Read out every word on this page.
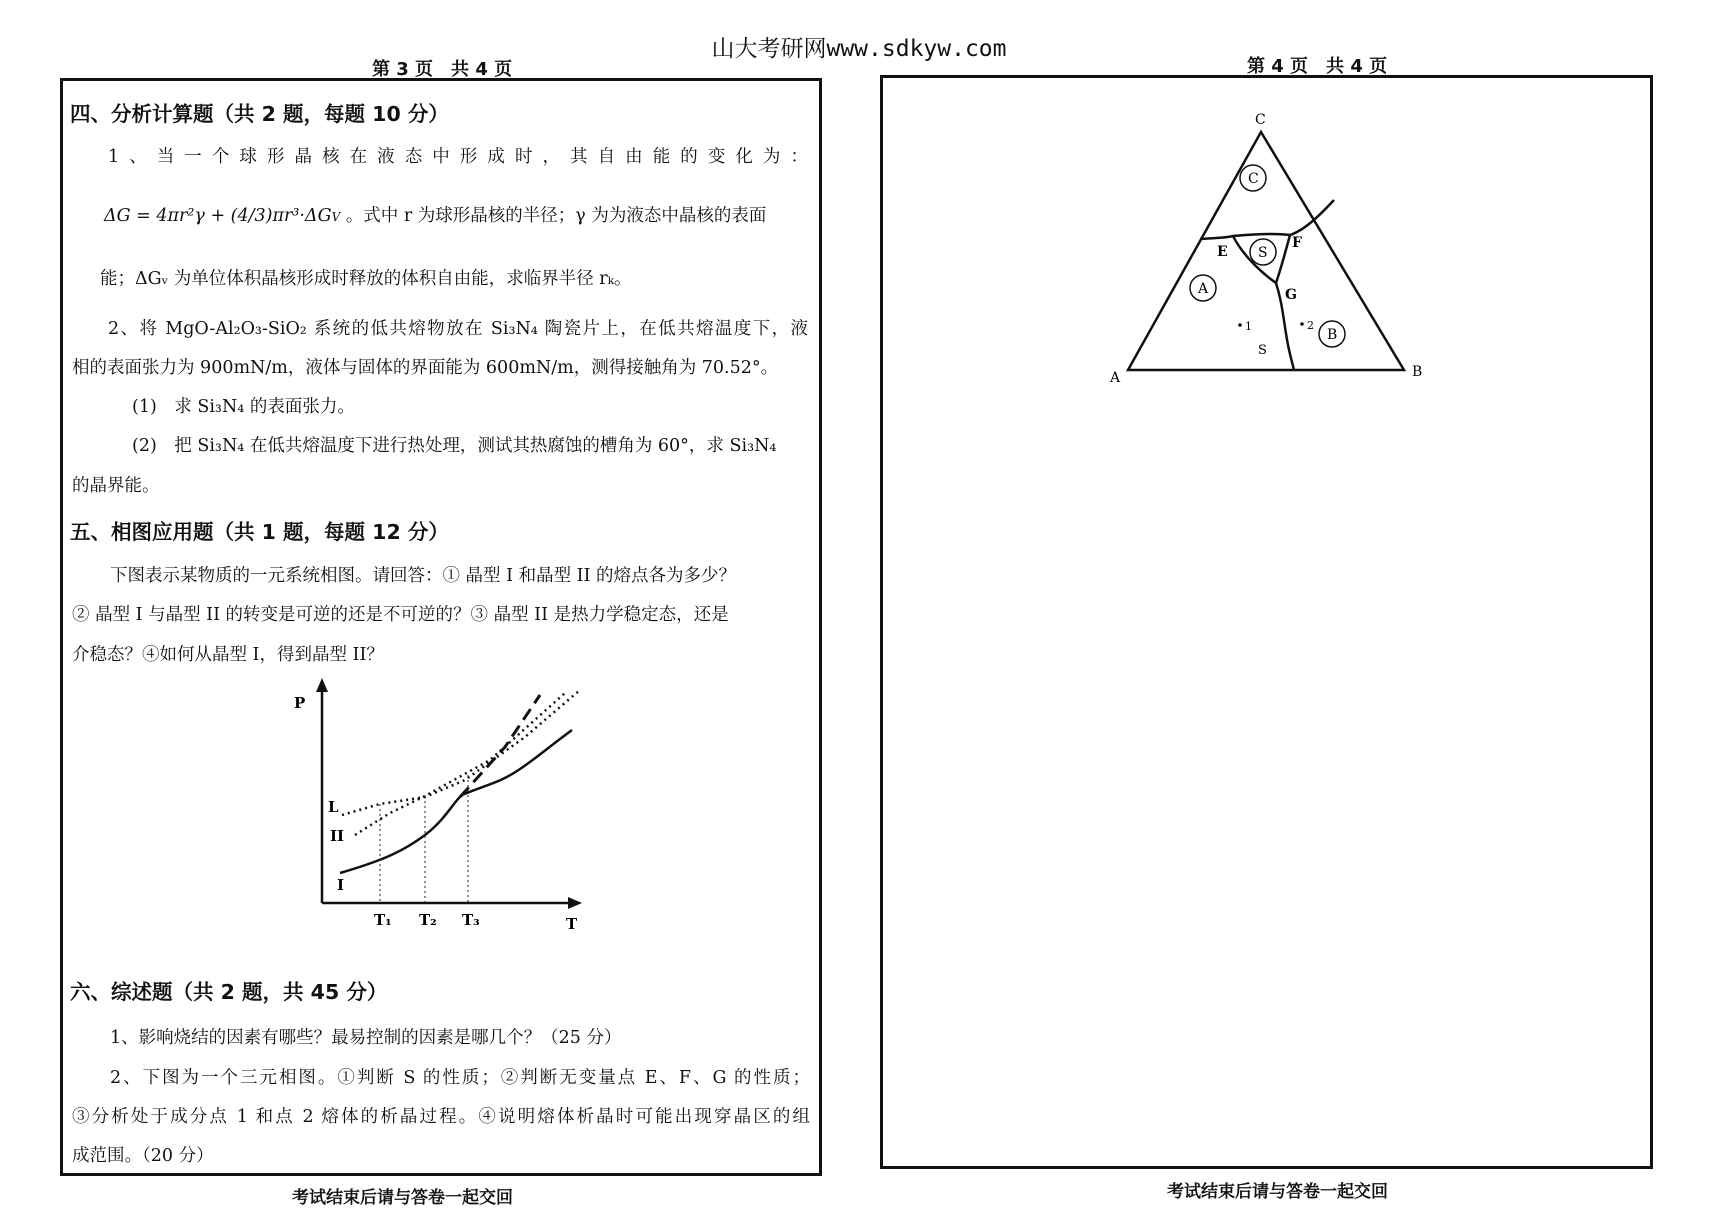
山大考研网www.sdkyw.com
第 3 页　共 4 页	第 4 页　共 4 页
四、分析计算题（共 2 题，每题 10 分）
1、当一个球形晶核在液态中形成时，其自由能的变化为：
ΔG = 4πr²γ + (4/3)πr³·ΔGV 。式中 r 为球形晶核的半径；γ 为为液态中晶核的表面
能；ΔGᵥ 为单位体积晶核形成时释放的体积自由能，求临界半径 rₖ。
2、将 MgO-Al₂O₃-SiO₂ 系统的低共熔物放在 Si₃N₄ 陶瓷片上，在低共熔温度下，液
相的表面张力为 900mN/m，液体与固体的界面能为 600mN/m，测得接触角为 70.52°。
(1)　求 Si₃N₄ 的表面张力。
(2)　把 Si₃N₄ 在低共熔温度下进行热处理，测试其热腐蚀的槽角为 60°，求 Si₃N₄
的晶界能。
五、相图应用题（共 1 题，每题 12 分）
下图表示某物质的一元系统相图。请回答：① 晶型 I 和晶型 II 的熔点各为多少？
② 晶型 I 与晶型 II 的转变是可逆的还是不可逆的？③ 晶型 II 是热力学稳定态，还是
介稳态？④如何从晶型 I，得到晶型 II？
P
L
II
I
T₁ T₂ T₃	T
六、综述题（共 2 题，共 45 分）
1、影响烧结的因素有哪些？最易控制的因素是哪几个？（25 分）
2、下图为一个三元相图。①判断 S 的性质；②判断无变量点 E、F、G 的性质；
③分析处于成分点 1 和点 2 熔体的析晶过程。④说明熔体析晶时可能出现穿晶区的组
成范围。（20 分）
考试结束后请与答卷一起交回	考试结束后请与答卷一起交回
C
S
A
B
C
A	B
E
F
G
1	2
S
